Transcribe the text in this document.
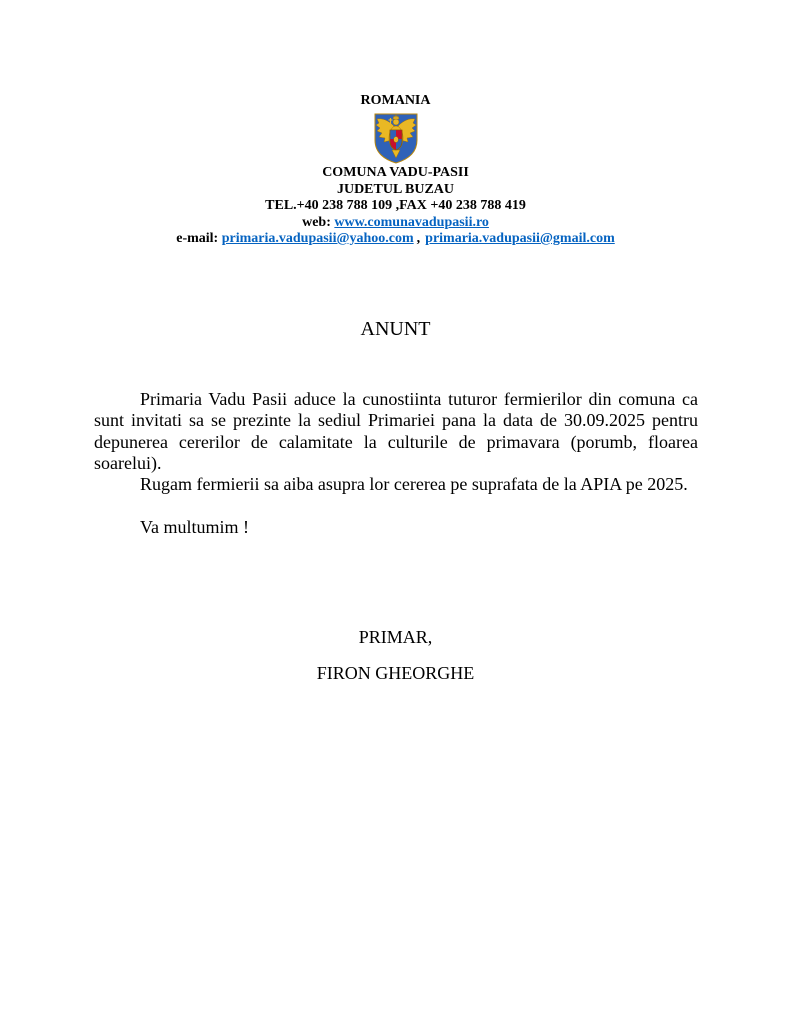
ROMANIA
COMUNA VADU-PASII
JUDETUL BUZAU
TEL.+40 238 788 109 ,FAX +40 238 788 419
web: www.comunavadupasii.ro
e-mail: primaria.vadupasii@yahoo.com , primaria.vadupasii@gmail.com
ANUNT

Primaria Vadu Pasii aduce la cunostiinta tuturor fermierilor din comuna ca sunt invitati sa se prezinte la sediul Primariei pana la data de 30.09.2025 pentru depunerea cererilor de calamitate la culturile de primavara (porumb, floarea soarelui).

Rugam fermierii sa aiba asupra lor cererea pe suprafata de la APIA pe 2025.

Va multumim !

PRIMAR,
FIRON GHEORGHE
